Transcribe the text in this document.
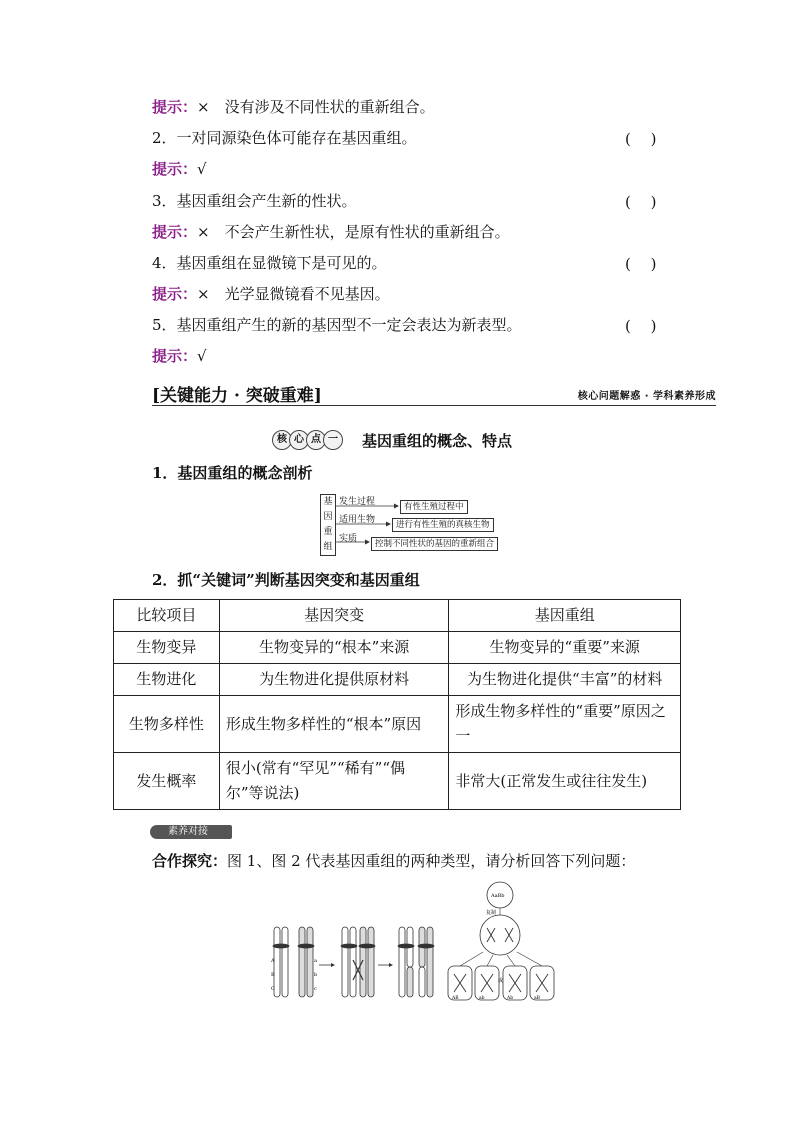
提示：×　没有涉及不同性状的重新组合。
2．一对同源染色体可能存在基因重组。	(　 )
提示：√
3．基因重组会产生新的性状。	(　 )
提示：×　不会产生新性状，是原有性状的重新组合。
4．基因重组在显微镜下是可见的。	(　 )
提示：×　光学显微镜看不见基因。
5．基因重组产生的新的基因型不一定会表达为新表型。	(　 )
提示：√
[关键能力 · 突破重难]	核心问题解惑 · 学科素养形成
核 心 点 一	基因重组的概念、特点
1．基因重组的概念剖析
基
因
重
组
发生过程	有性生殖过程中
适用生物	进行有性生殖的真核生物
实质	控制不同性状的基因的重新组合
2．抓“关键词”判断基因突变和基因重组
比较项目	基因突变	基因重组
生物变异	生物变异的“根本”来源	生物变异的“重要”来源
生物进化	为生物进化提供原材料	为生物进化提供“丰富”的材料
生物多样性	形成生物多样性的“根本”原因	形成生物多样性的“重要”原因之一
发生概率	很小(常有“罕见”“稀有”“偶尔”等说法)	非常大(正常发生或往往发生)
素养对接
合作探究：图 1、图 2 代表基因重组的两种类型，请分析回答下列问题：
A
B
C
a
b
c
AaBb
复制
AB	ab	Ab	aB
或
